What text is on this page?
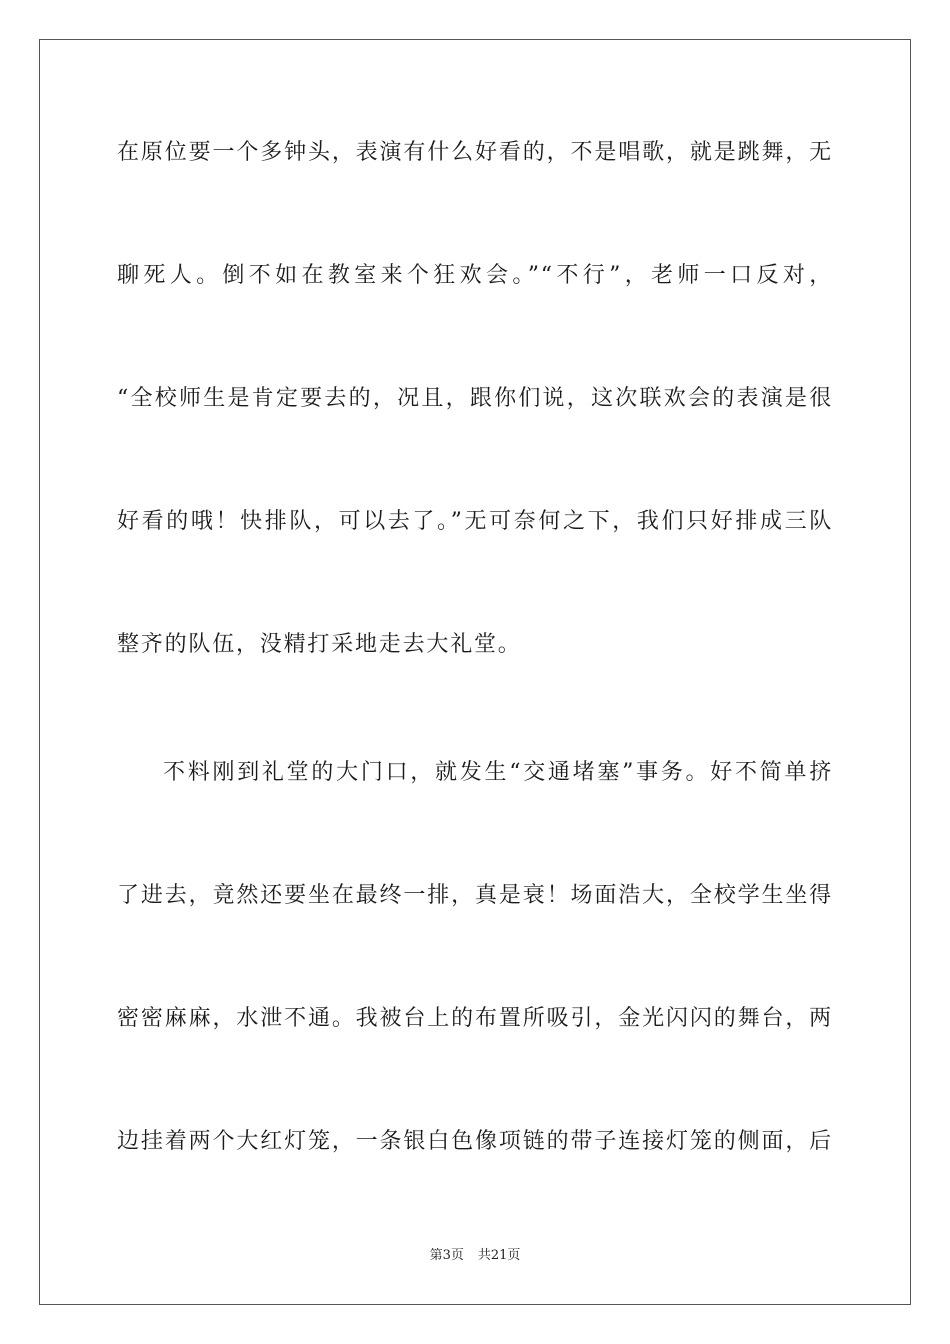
在原位要一个多钟头，表演有什么好看的，不是唱歌，就是跳舞，无
聊死人。倒不如在教室来个狂欢会。”“不行”，老师一口反对，
“全校师生是肯定要去的，况且，跟你们说，这次联欢会的表演是很
好看的哦！快排队，可以去了。”无可奈何之下，我们只好排成三队
整齐的队伍，没精打采地走去大礼堂。
不料刚到礼堂的大门口，就发生“交通堵塞”事务。好不简单挤
了进去，竟然还要坐在最终一排，真是衰！场面浩大，全校学生坐得
密密麻麻，水泄不通。我被台上的布置所吸引，金光闪闪的舞台，两
边挂着两个大红灯笼，一条银白色像项链的带子连接灯笼的侧面，后
第3页 共21页
